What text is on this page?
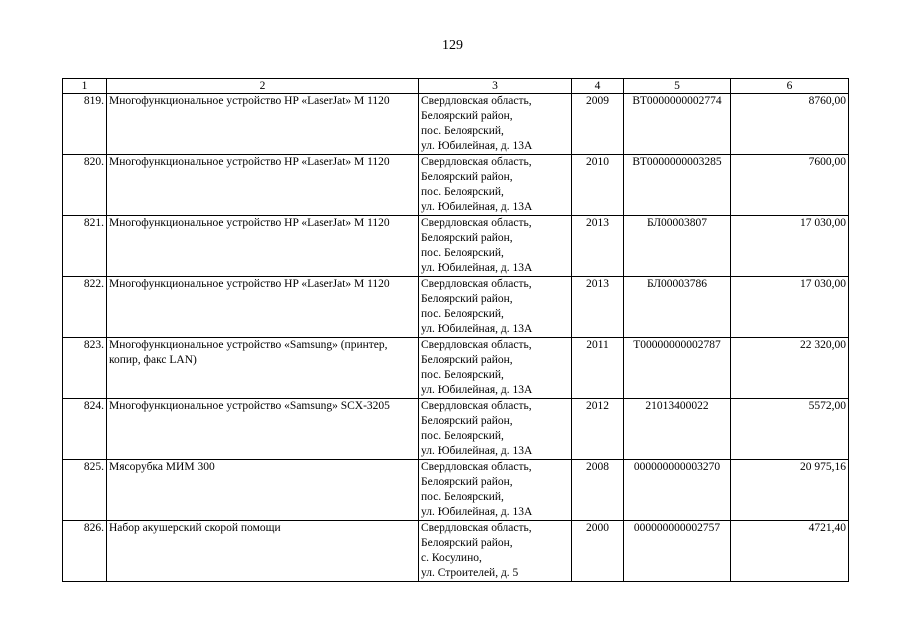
129
1	2	3	4	5	6
819.	Многофункциональное устройство HP «LaserJat» М 1120	Свердловская область,
Белоярский район,
пос. Белоярский,
ул. Юбилейная, д. 13А	2009	ВТ0000000002774	8760,00
820.	Многофункциональное устройство HP «LaserJat» М 1120	Свердловская область,
Белоярский район,
пос. Белоярский,
ул. Юбилейная, д. 13А	2010	ВТ0000000003285	7600,00
821.	Многофункциональное устройство HP «LaserJat» М 1120	Свердловская область,
Белоярский район,
пос. Белоярский,
ул. Юбилейная, д. 13А	2013	БЛ00003807	17 030,00
822.	Многофункциональное устройство HP «LaserJat» М 1120	Свердловская область,
Белоярский район,
пос. Белоярский,
ул. Юбилейная, д. 13А	2013	БЛ00003786	17 030,00
823.	Многофункциональное устройство «Samsung» (принтер, копир, факс LAN)	Свердловская область,
Белоярский район,
пос. Белоярский,
ул. Юбилейная, д. 13А	2011	Т00000000002787	22 320,00
824.	Многофункциональное устройство «Samsung» SCX-3205	Свердловская область,
Белоярский район,
пос. Белоярский,
ул. Юбилейная, д. 13А	2012	21013400022	5572,00
825.	Мясорубка МИМ 300	Свердловская область,
Белоярский район,
пос. Белоярский,
ул. Юбилейная, д. 13А	2008	000000000003270	20 975,16
826.	Набор акушерский скорой помощи	Свердловская область,
Белоярский район,
с. Косулино,
ул. Строителей, д. 5	2000	000000000002757	4721,40
